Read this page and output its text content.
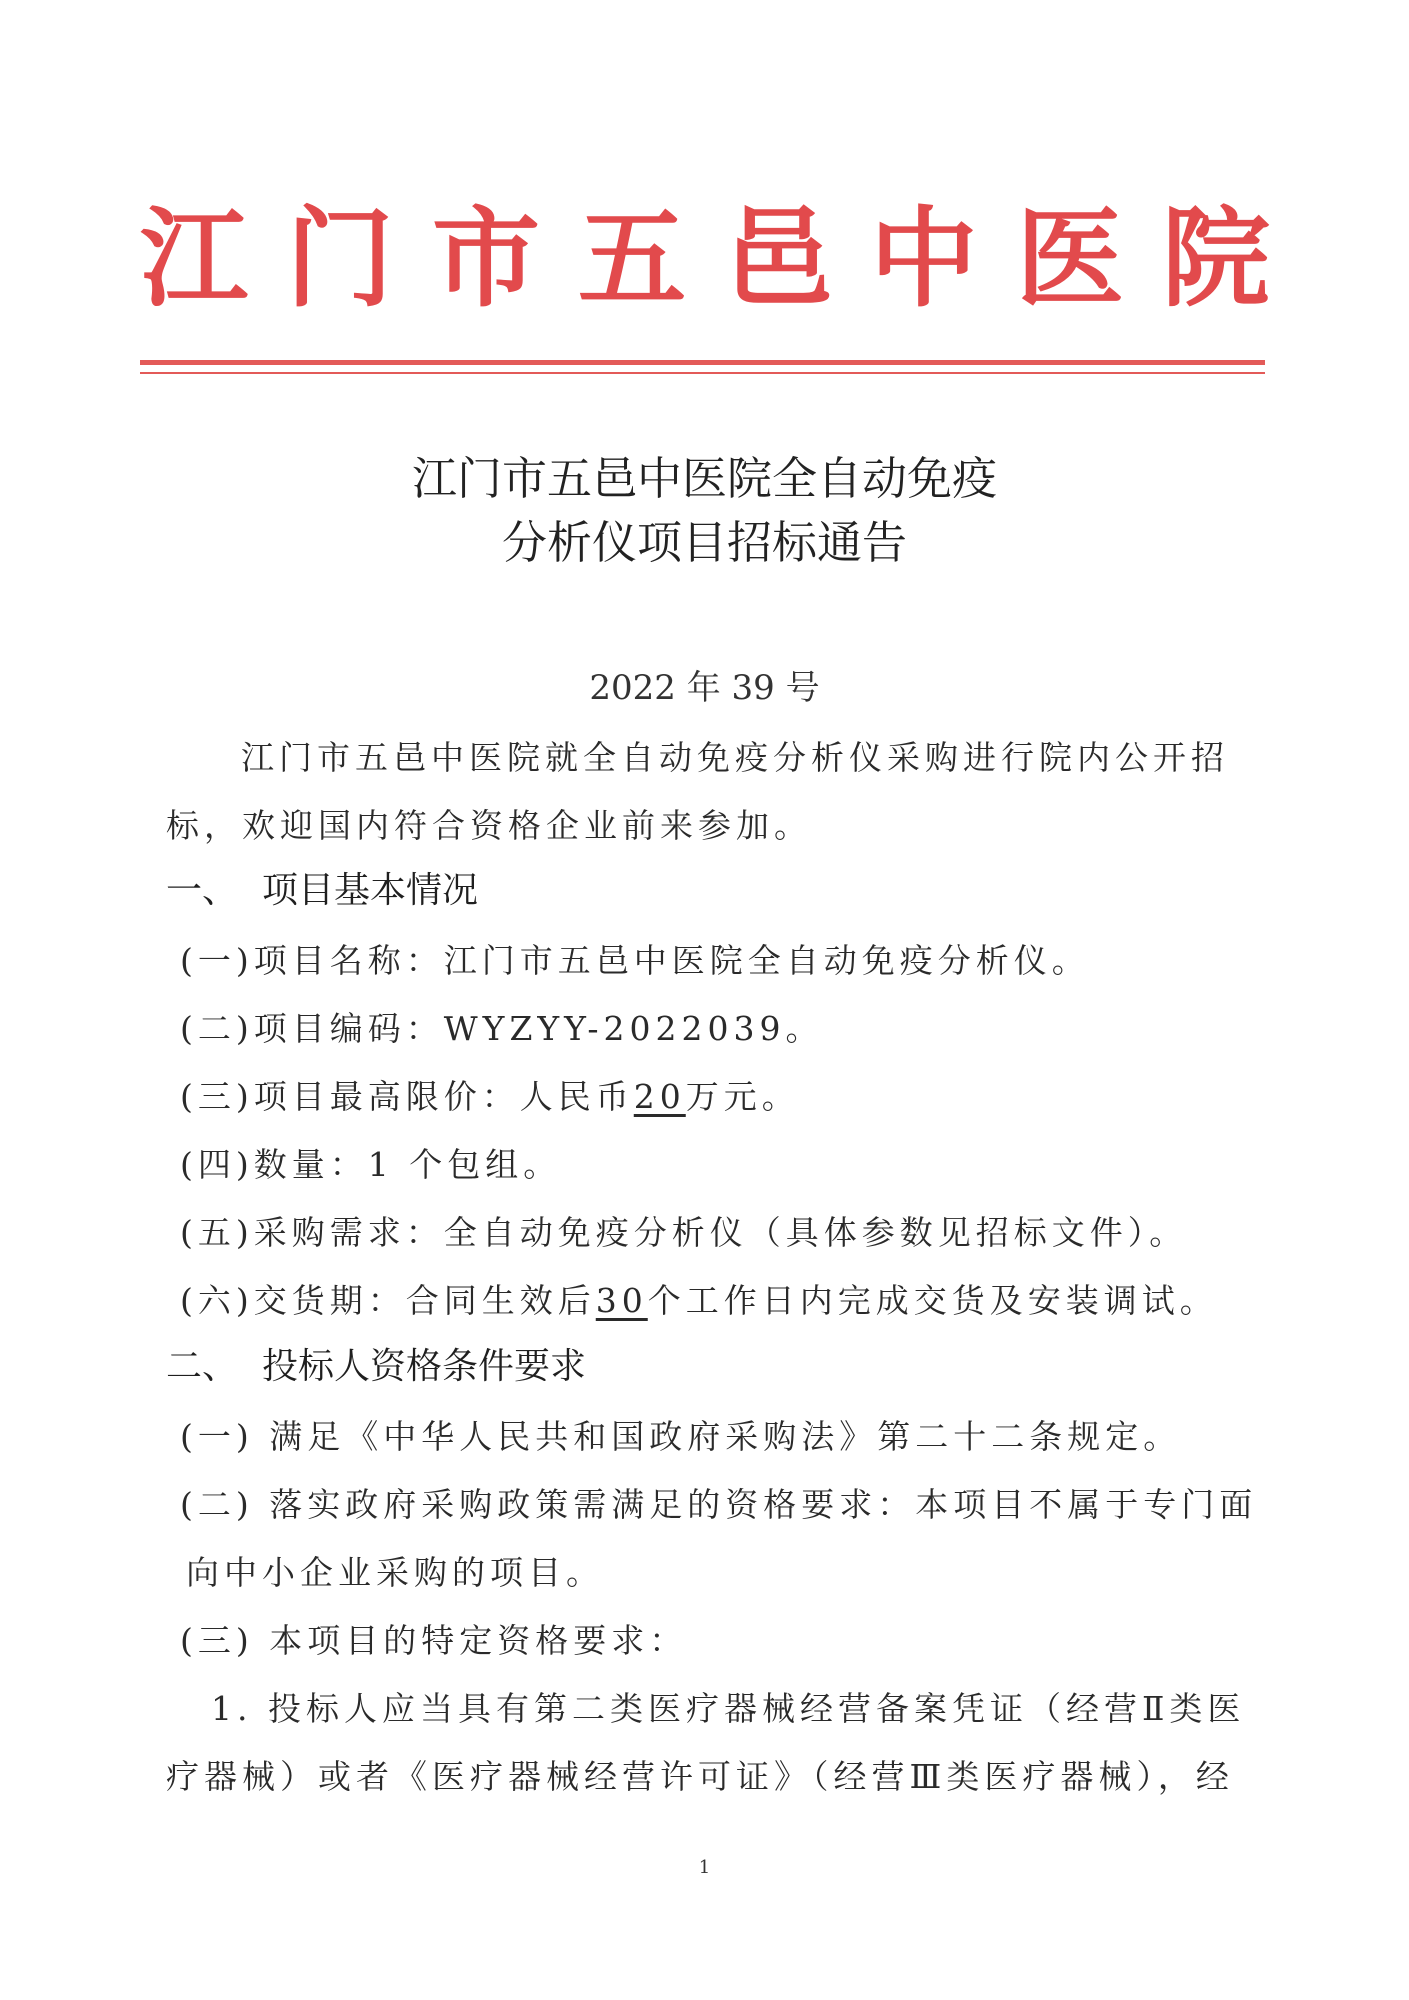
江 门 市 五 邑 中 医 院
江门市五邑中医院全自动免疫
分析仪项目招标通告
2022 年 39 号
江门市五邑中医院就全自动免疫分析仪采购进行院内公开招
标，欢迎国内符合资格企业前来参加。
一、 项目基本情况
(一)项目名称：江门市五邑中医院全自动免疫分析仪。
(二)项目编码：WYZYY-2022039。
(三)项目最高限价：人民币20万元。
(四)数量：1 个包组。
(五)采购需求：全自动免疫分析仪（具体参数见招标文件）。
(六)交货期：合同生效后30个工作日内完成交货及安装调试。
二、 投标人资格条件要求
(一) 满足《中华人民共和国政府采购法》第二十二条规定。
(二) 落实政府采购政策需满足的资格要求：本项目不属于专门面
向中小企业采购的项目。
(三) 本项目的特定资格要求：
1. 投标人应当具有第二类医疗器械经营备案凭证（经营Ⅱ类医
疗器械）或者《医疗器械经营许可证》（经营Ⅲ类医疗器械），经
1
